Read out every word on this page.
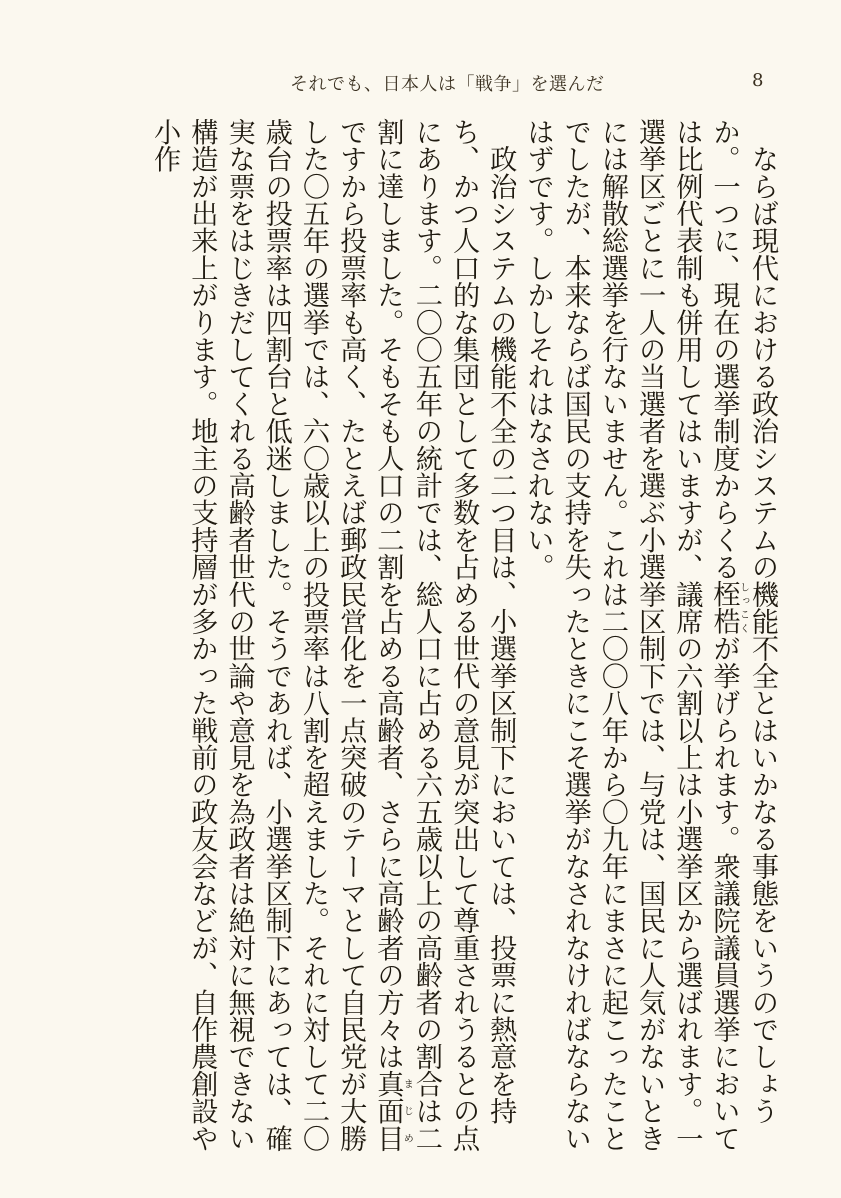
それでも、日本人は「戦争」を選んだ	8

　ならば現代における政治システムの機能不全とはいかなる事態をいうのでしょうか。一つに、現在の選挙制度からくる桎梏しっこくが挙げられます。衆議院議員選挙においては比例代表制も併用してはいますが、議席の六割以上は小選挙区から選ばれます。一選挙区ごとに一人の当選者を選ぶ小選挙区制下では、与党は、国民に人気がないときには解散総選挙を行ないません。これは二〇〇八年から〇九年にまさに起こったことでしたが、本来ならば国民の支持を失ったときにこそ選挙がなされなければならないはずです。しかしそれはなされない。

　政治システムの機能不全の二つ目は、小選挙区制下においては、投票に熱意を持ち、かつ人口的な集団として多数を占める世代の意見が突出して尊重されうるとの点にあります。二〇〇五年の統計では、総人口に占める六五歳以上の高齢者の割合は二割に達しました。そもそも人口の二割を占める高齢者、さらに高齢者の方々は真面目まじめですから投票率も高く、たとえば郵政民営化を一点突破のテーマとして自民党が大勝した〇五年の選挙では、六〇歳以上の投票率は八割を超えました。それに対して二〇歳台の投票率は四割台と低迷しました。そうであれば、小選挙区制下にあっては、確実な票をはじきだしてくれる高齢者世代の世論や意見を為政者は絶対に無視できない構造が出来上がります。地主の支持層が多かった戦前の政友会などが、自作農創設や小作
